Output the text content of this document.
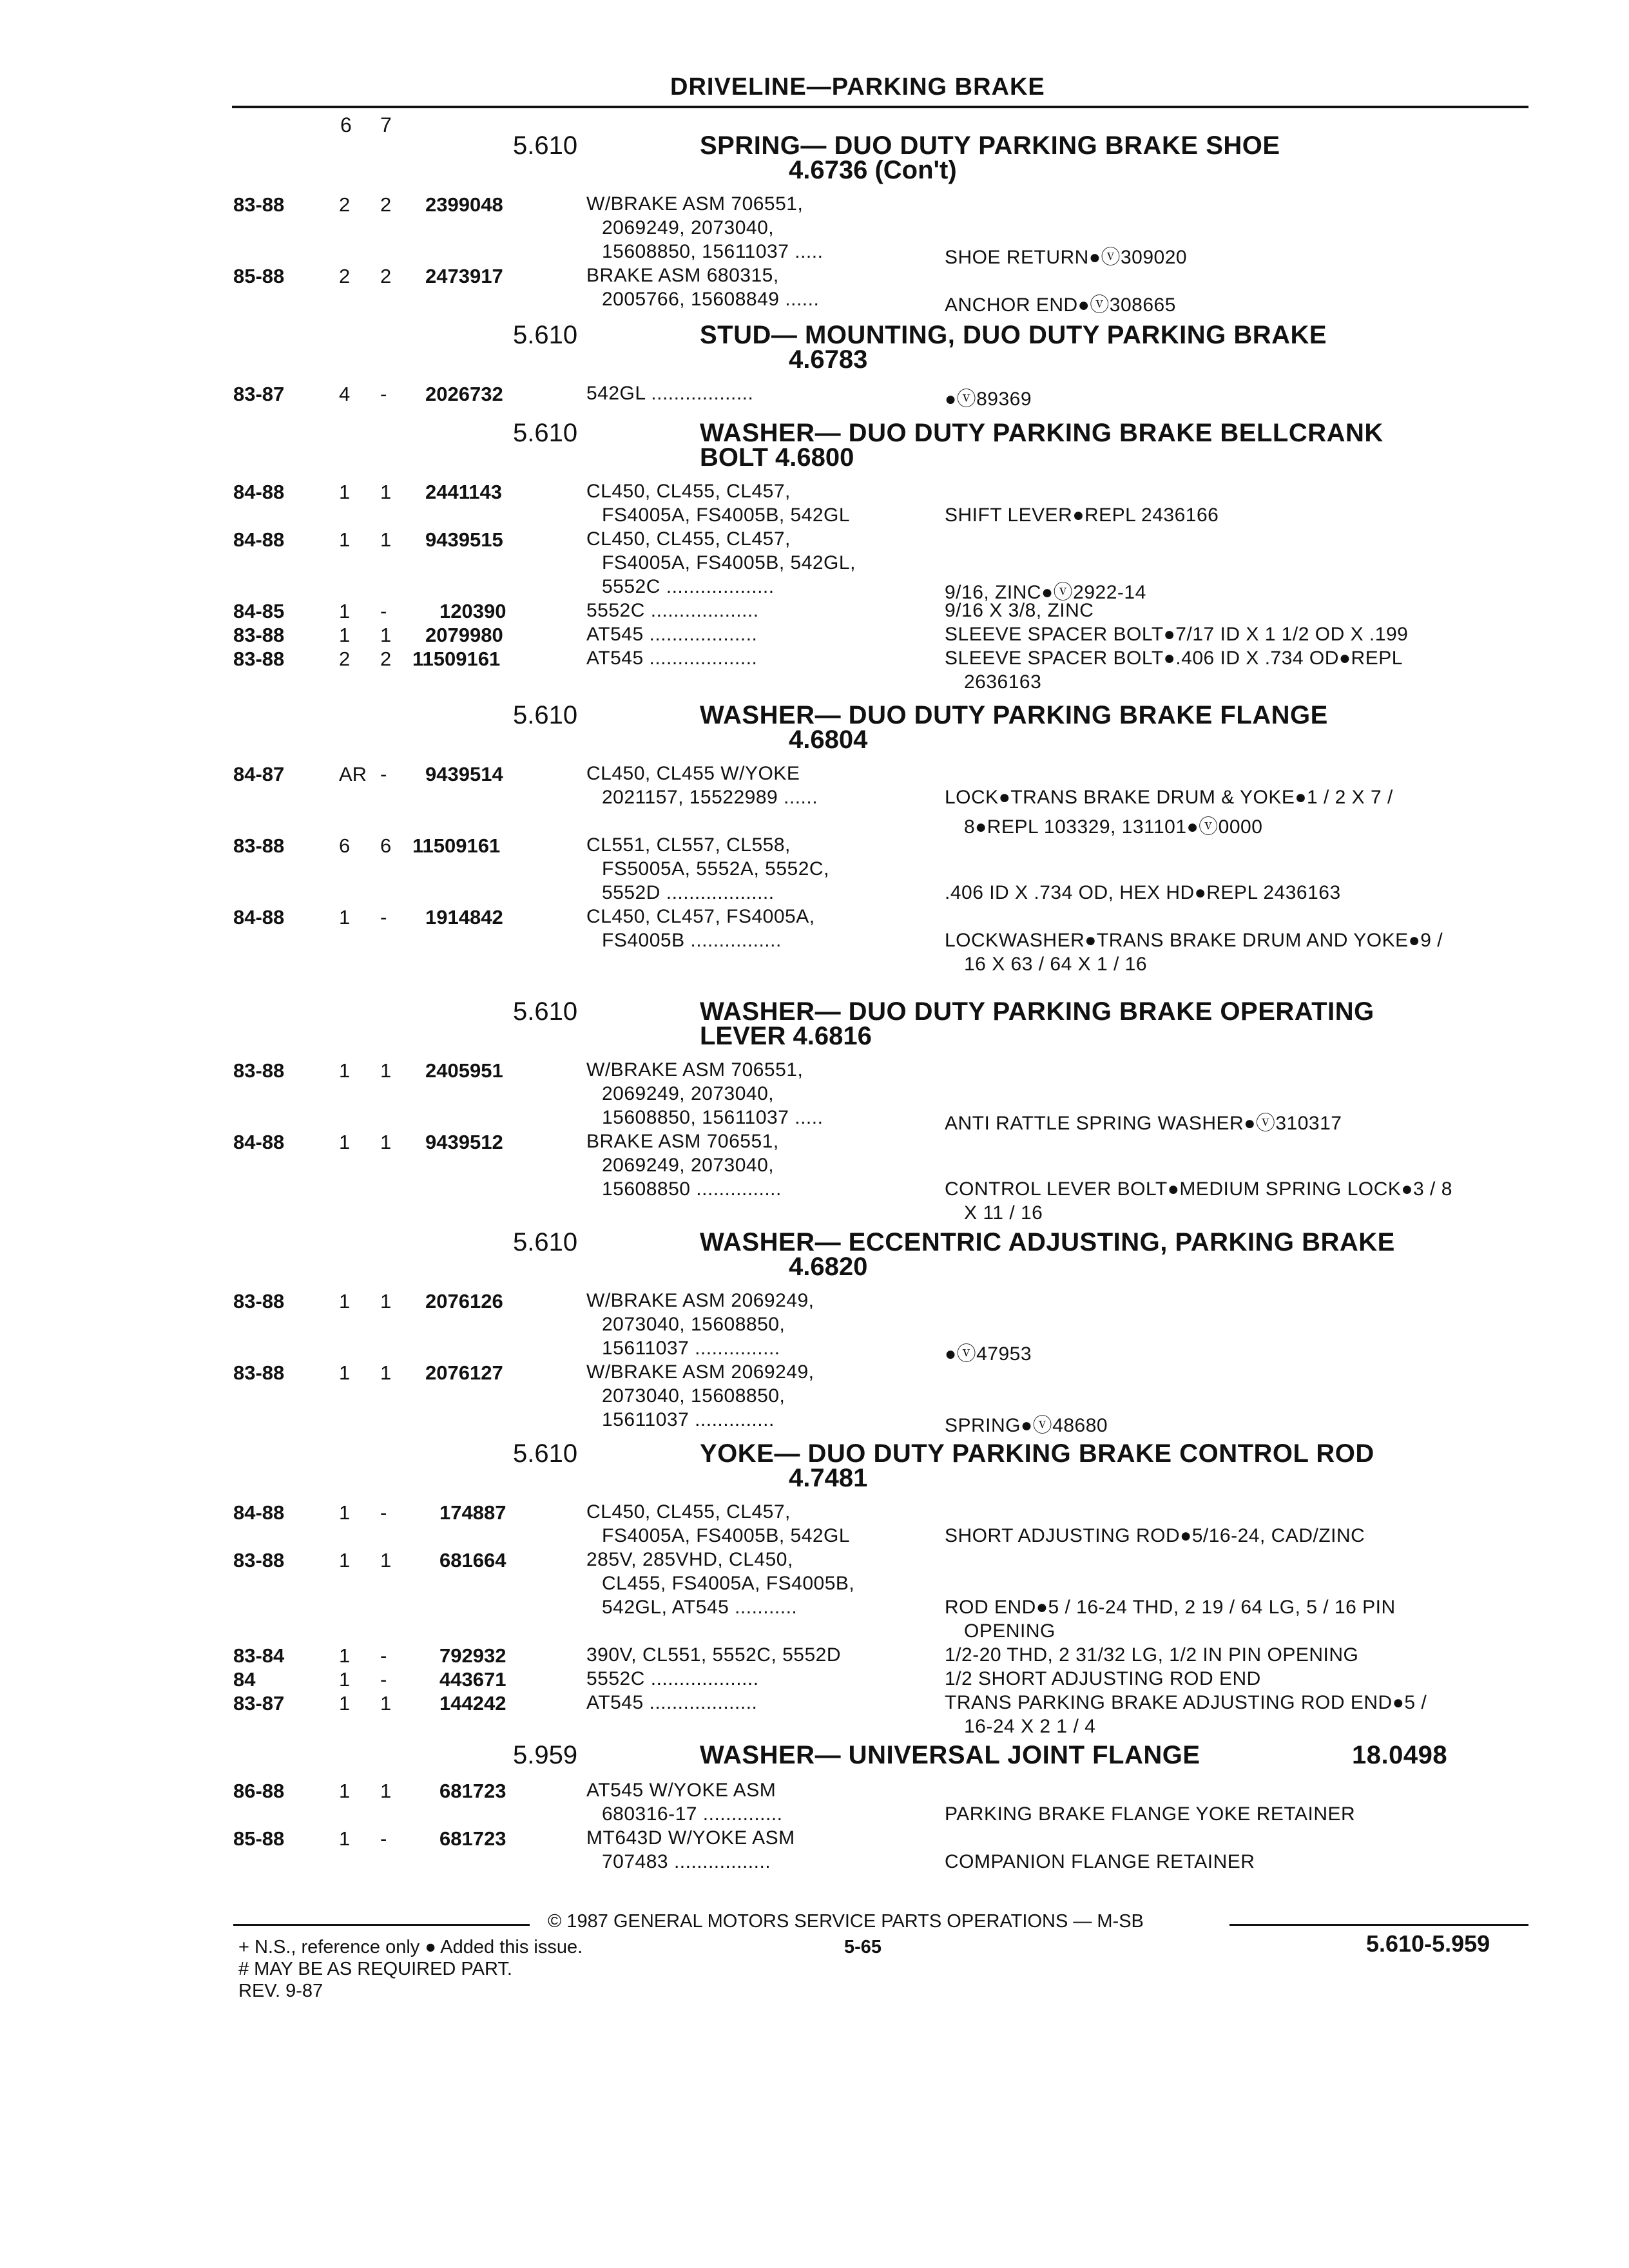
DRIVELINE—PARKING BRAKE
6 7
5.610	SPRING— DUO DUTY PARKING BRAKE SHOE
4.6736 (Con't)
83-88	2 2 2399048	W/BRAKE ASM 706551,
2069249, 2073040,
15608850, 15611037 .....	SHOE RETURN●ⓥ309020
85-88	2 2 2473917	BRAKE ASM 680315,
2005766, 15608849 ......	ANCHOR END●ⓥ308665
5.610	STUD— MOUNTING, DUO DUTY PARKING BRAKE
4.6783
83-87	4 - 2026732	542GL ..................	●ⓥ89369
5.610	WASHER— DUO DUTY PARKING BRAKE BELLCRANK
BOLT 4.6800
84-88	1 1 2441143	CL450, CL455, CL457,
FS4005A, FS4005B, 542GL	SHIFT LEVER●REPL 2436166
84-88	1 1 9439515	CL450, CL455, CL457,
FS4005A, FS4005B, 542GL,
5552C ...................	9/16, ZINC●ⓥ2922-14
84-85	1 -	120390	5552C ...................	9/16 X 3/8, ZINC
83-88	1 1 2079980	AT545 ...................	SLEEVE SPACER BOLT●7/17 ID X 1 1/2 OD X .199
83-88	2 2 11509161	AT545 ...................	SLEEVE SPACER BOLT●.406 ID X .734 OD●REPL
2636163
5.610	WASHER— DUO DUTY PARKING BRAKE FLANGE
4.6804
84-87	AR - 9439514	CL450, CL455 W/YOKE
2021157, 15522989 ......	LOCK●TRANS BRAKE DRUM & YOKE●1 / 2 X 7 /
8●REPL 103329, 131101●ⓥ0000
83-88	6 6 11509161	CL551, CL557, CL558,
FS5005A, 5552A, 5552C,
5552D ...................	.406 ID X .734 OD, HEX HD●REPL 2436163
84-88	1 - 1914842	CL450, CL457, FS4005A,
FS4005B ................	LOCKWASHER●TRANS BRAKE DRUM AND YOKE●9 /
16 X 63 / 64 X 1 / 16
5.610	WASHER— DUO DUTY PARKING BRAKE OPERATING
LEVER 4.6816
83-88	1 1 2405951	W/BRAKE ASM 706551,
2069249, 2073040,
15608850, 15611037 .....	ANTI RATTLE SPRING WASHER●ⓥ310317
84-88	1 1 9439512	BRAKE ASM 706551,
2069249, 2073040,
15608850 ...............	CONTROL LEVER BOLT●MEDIUM SPRING LOCK●3 / 8
X 11 / 16
5.610	WASHER— ECCENTRIC ADJUSTING, PARKING BRAKE
4.6820
83-88	1 1 2076126	W/BRAKE ASM 2069249,
2073040, 15608850,
15611037 ...............	●ⓥ47953
83-88	1 1 2076127	W/BRAKE ASM 2069249,
2073040, 15608850,
15611037 ..............	SPRING●ⓥ48680
5.610	YOKE— DUO DUTY PARKING BRAKE CONTROL ROD
4.7481
84-88	1 -	174887	CL450, CL455, CL457,
FS4005A, FS4005B, 542GL	SHORT ADJUSTING ROD●5/16-24, CAD/ZINC
83-88	1 1 681664	285V, 285VHD, CL450,
CL455, FS4005A, FS4005B,
542GL, AT545 ...........	ROD END●5 / 16-24 THD, 2 19 / 64 LG, 5 / 16 PIN
OPENING
83-84	1 -	792932	390V, CL551, 5552C, 5552D	1/2-20 THD, 2 31/32 LG, 1/2 IN PIN OPENING
84	1 -	443671	5552C ...................	1/2 SHORT ADJUSTING ROD END
83-87	1 1 144242	AT545 ...................	TRANS PARKING BRAKE ADJUSTING ROD END●5 /
16-24 X 2 1 / 4
5.959	WASHER— UNIVERSAL JOINT FLANGE	18.0498
86-88	1 1 681723	AT545 W/YOKE ASM
680316-17 ..............	PARKING BRAKE FLANGE YOKE RETAINER
85-88	1 -	681723	MT643D W/YOKE ASM
707483 .................	COMPANION FLANGE RETAINER
© 1987 GENERAL MOTORS SERVICE PARTS OPERATIONS — M-SB
+ N.S., reference only ● Added this issue.	5-65	5.610-5.959
# MAY BE AS REQUIRED PART.
REV. 9-87
